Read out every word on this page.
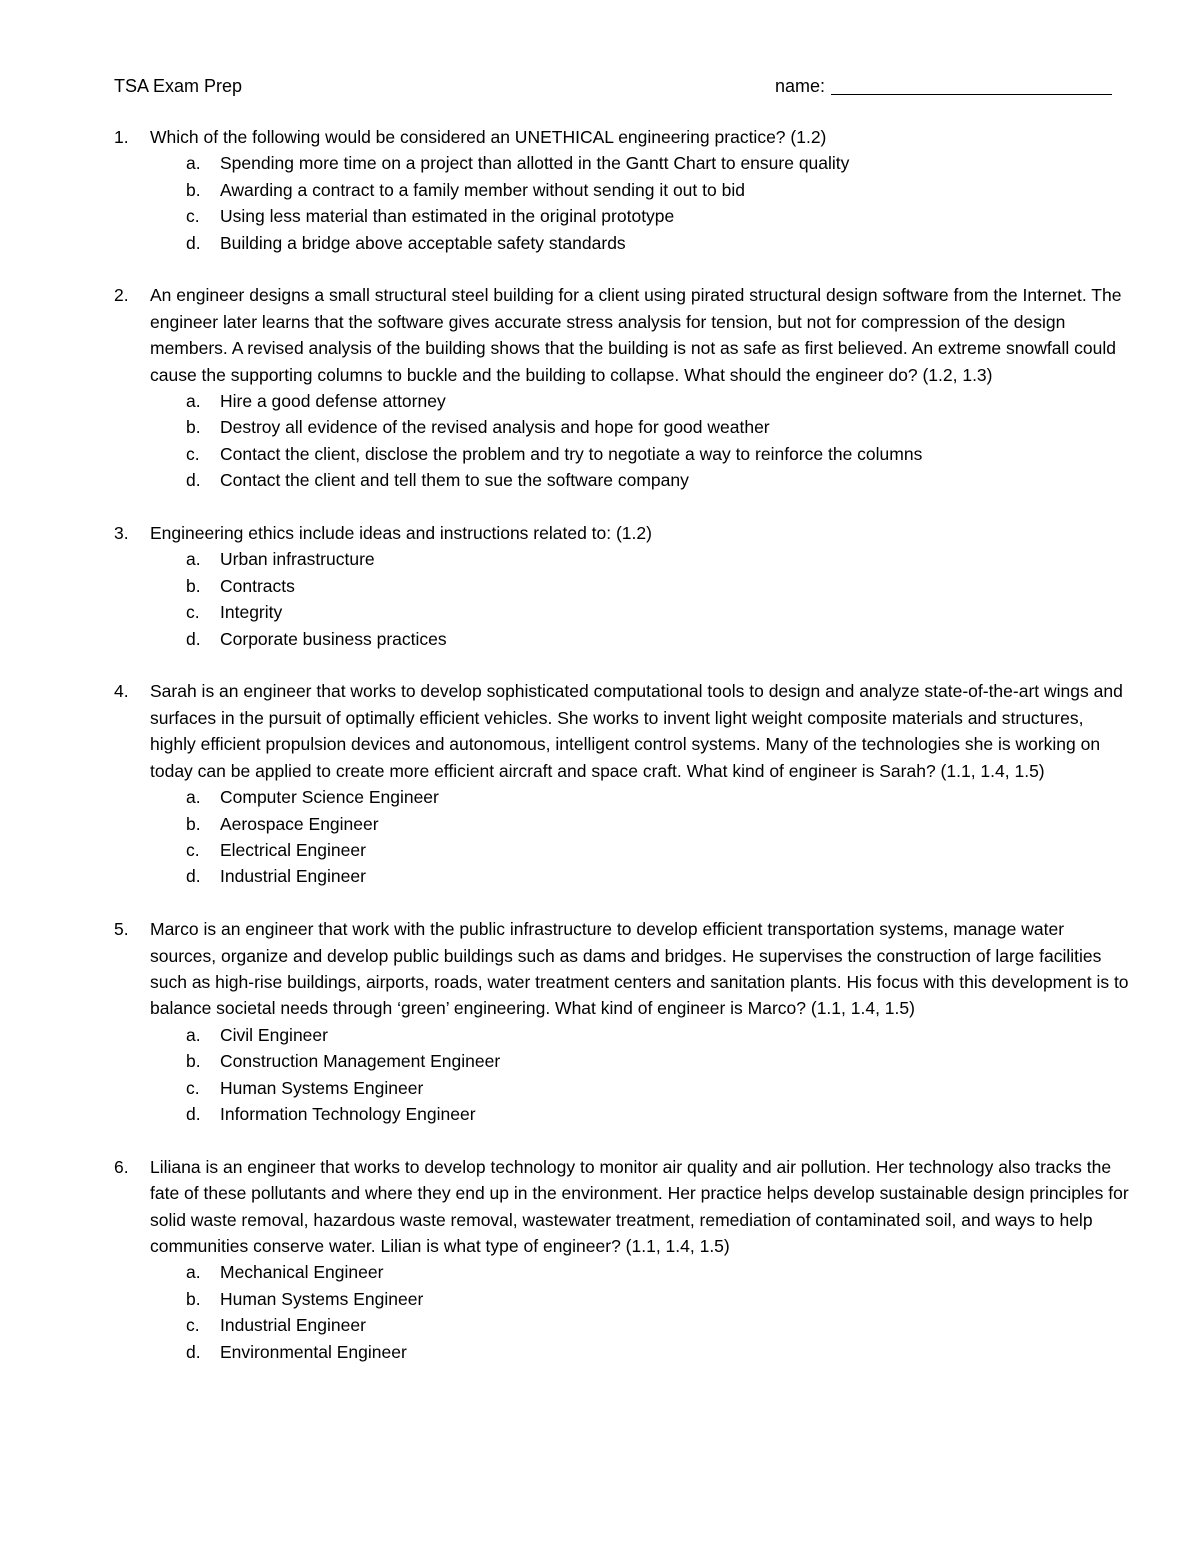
TSA Exam Prep	name:
1. Which of the following would be considered an UNETHICAL engineering practice? (1.2)
a. Spending more time on a project than allotted in the Gantt Chart to ensure quality
b. Awarding a contract to a family member without sending it out to bid
c. Using less material than estimated in the original prototype
d. Building a bridge above acceptable safety standards
2. An engineer designs a small structural steel building for a client using pirated structural design software from the Internet. The engineer later learns that the software gives accurate stress analysis for tension, but not for compression of the design members. A revised analysis of the building shows that the building is not as safe as first believed. An extreme snowfall could cause the supporting columns to buckle and the building to collapse. What should the engineer do? (1.2, 1.3)
a. Hire a good defense attorney
b. Destroy all evidence of the revised analysis and hope for good weather
c. Contact the client, disclose the problem and try to negotiate a way to reinforce the columns
d. Contact the client and tell them to sue the software company
3. Engineering ethics include ideas and instructions related to: (1.2)
a. Urban infrastructure
b. Contracts
c. Integrity
d. Corporate business practices
4. Sarah is an engineer that works to develop sophisticated computational tools to design and analyze state-of-the-art wings and surfaces in the pursuit of optimally efficient vehicles. She works to invent light weight composite materials and structures, highly efficient propulsion devices and autonomous, intelligent control systems. Many of the technologies she is working on today can be applied to create more efficient aircraft and space craft. What kind of engineer is Sarah? (1.1, 1.4, 1.5)
a. Computer Science Engineer
b. Aerospace Engineer
c. Electrical Engineer
d. Industrial Engineer
5. Marco is an engineer that work with the public infrastructure to develop efficient transportation systems, manage water sources, organize and develop public buildings such as dams and bridges. He supervises the construction of large facilities such as high-rise buildings, airports, roads, water treatment centers and sanitation plants. His focus with this development is to balance societal needs through ‘green’ engineering. What kind of engineer is Marco? (1.1, 1.4, 1.5)
a. Civil Engineer
b. Construction Management Engineer
c. Human Systems Engineer
d. Information Technology Engineer
6. Liliana is an engineer that works to develop technology to monitor air quality and air pollution. Her technology also tracks the fate of these pollutants and where they end up in the environment. Her practice helps develop sustainable design principles for solid waste removal, hazardous waste removal, wastewater treatment, remediation of contaminated soil, and ways to help communities conserve water. Lilian is what type of engineer? (1.1, 1.4, 1.5)
a. Mechanical Engineer
b. Human Systems Engineer
c. Industrial Engineer
d. Environmental Engineer
